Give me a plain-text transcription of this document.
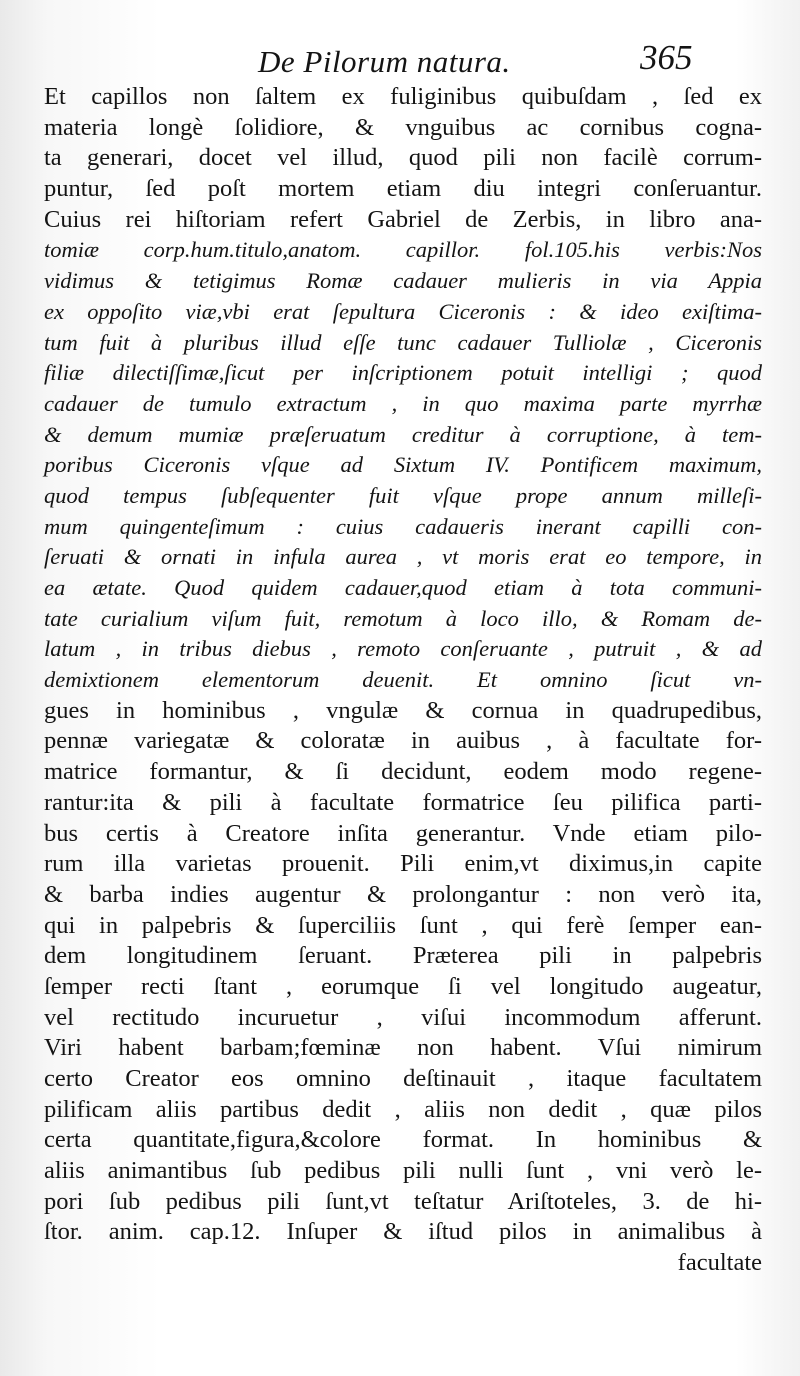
De Pilorum natura.	365
Et capillos non ſaltem ex fuliginibus quibuſdam , ſed ex
materia longè ſolidiore, & vnguibus ac cornibus cogna-
ta generari, docet vel illud, quod pili non facilè corrum-
puntur, ſed poſt mortem etiam diu integri conſeruantur.
Cuius rei hiſtoriam refert Gabriel de Zerbis, in libro ana-
tomiæ corp.hum.titulo,anatom. capillor. fol.105.his verbis:Nos
vidimus & tetigimus Romæ cadauer mulieris in via Appia
ex oppoſito viæ,vbi erat ſepultura Ciceronis : & ideo exiſtima-
tum fuit à pluribus illud eſſe tunc cadauer Tulliolæ , Ciceronis
filiæ dilectiſſimæ,ſicut per inſcriptionem potuit intelligi ; quod
cadauer de tumulo extractum , in quo maxima parte myrrhæ
& demum mumiæ præſeruatum creditur à corruptione, à tem-
poribus Ciceronis vſque ad Sixtum IV. Pontificem maximum,
quod tempus ſubſequenter fuit vſque prope annum milleſi-
mum quingenteſimum : cuius cadaueris inerant capilli con-
ſeruati & ornati in infula aurea , vt moris erat eo tempore, in
ea ætate. Quod quidem cadauer,quod etiam à tota communi-
tate curialium viſum fuit, remotum à loco illo, & Romam de-
latum , in tribus diebus , remoto conſeruante , putruit , & ad
demixtionem elementorum deuenit. Et omnino ſicut vn-
gues in hominibus , vngulæ & cornua in quadrupedibus,
pennæ variegatæ & coloratæ in auibus , à facultate for-
matrice formantur, & ſi decidunt, eodem modo regene-
rantur:ita & pili à facultate formatrice ſeu pilifica parti-
bus certis à Creatore inſita generantur. Vnde etiam pilo-
rum illa varietas prouenit. Pili enim,vt diximus,in capite
& barba indies augentur & prolongantur : non verò ita,
qui in palpebris & ſuperciliis ſunt , qui ferè ſemper ean-
dem longitudinem ſeruant. Præterea pili in palpebris
ſemper recti ſtant , eorumque ſi vel longitudo augeatur,
vel rectitudo incuruetur , viſui incommodum afferunt.
Viri habent barbam;fœminæ non habent. Vſui nimirum
certo Creator eos omnino deſtinauit , itaque facultatem
pilificam aliis partibus dedit , aliis non dedit , quæ pilos
certa quantitate,figura,&colore format. In hominibus &
aliis animantibus ſub pedibus pili nulli ſunt , vni verò le-
pori ſub pedibus pili ſunt,vt teſtatur Ariſtoteles, 3. de hi-
ſtor. anim. cap.12. Inſuper & iſtud pilos in animalibus à
facultate
